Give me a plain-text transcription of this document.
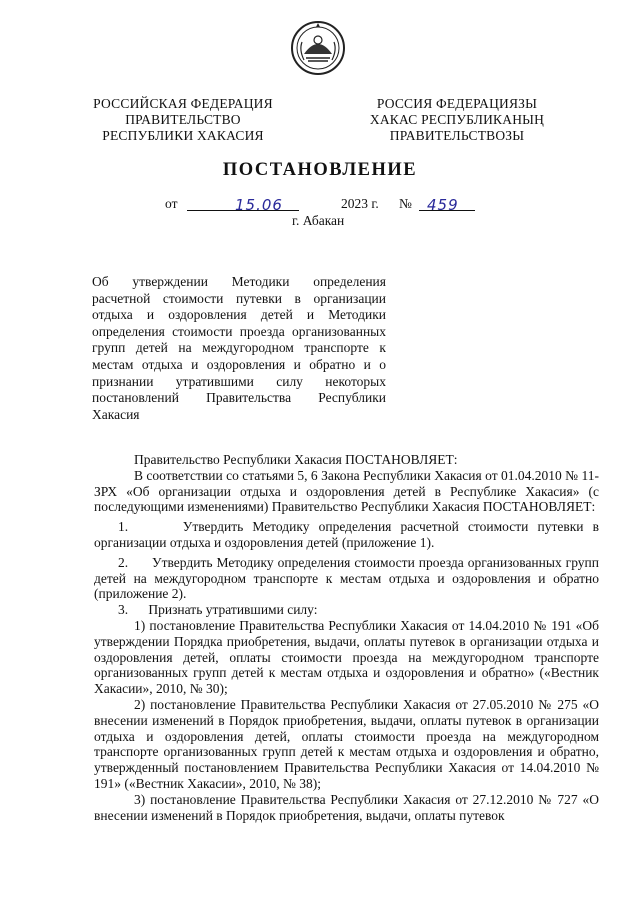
РОССИЙСКАЯ ФЕДЕРАЦИЯ
ПРАВИТЕЛЬСТВО
РЕСПУБЛИКИ ХАКАСИЯ
РОССИЯ ФЕДЕРАЦИЯЗЫ
ХАКАС РЕСПУБЛИКАНЫҢ
ПРАВИТЕЛЬСТВОЗЫ
ПОСТАНОВЛЕНИЕ
от	15.06	2023 г. № 459
г. Абакан
Об утверждении Методики определения расчетной стоимости путевки в организации отдыха и оздоровления детей и Методики определения стоимости проезда организованных групп детей на междугородном транспорте к местам отдыха и оздоровления и обратно и о признании утратившими силу некоторых постановлений Правительства Республики Хакасия

Правительство Республики Хакасия ПОСТАНОВЛЯЕТ:

В соответствии со статьями 5, 6 Закона Республики Хакасия от 01.04.2010 № 11-ЗРХ «Об организации отдыха и оздоровления детей в Республике Хакасия» (с последующими изменениями) Правительство Республики Хакасия ПОСТАНОВЛЯЕТ:

1.      Утвердить Методику определения расчетной стоимости путевки в организации отдыха и оздоровления детей (приложение 1).

2.      Утвердить Методику определения стоимости проезда организованных групп детей на междугородном транспорте к местам отдыха и оздоровления и обратно (приложение 2).

3.      Признать утратившими силу:

1) постановление Правительства Республики Хакасия от 14.04.2010 № 191 «Об утверждении Порядка приобретения, выдачи, оплаты путевок в организации отдыха и оздоровления детей, оплаты стоимости проезда на междугородном транспорте организованных групп детей к местам отдыха и оздоровления и обратно» («Вестник Хакасии», 2010, № 30);

2) постановление Правительства Республики Хакасия от 27.05.2010 № 275 «О внесении изменений в Порядок приобретения, выдачи, оплаты путевок в организации отдыха и оздоровления детей, оплаты стоимости проезда на междугородном транспорте организованных групп детей к местам отдыха и оздоровления и обратно, утвержденный постановлением Правительства Республики Хакасия от 14.04.2010 № 191» («Вестник Хакасии», 2010, № 38);

3) постановление Правительства Республики Хакасия от 27.12.2010 № 727 «О внесении изменений в Порядок приобретения, выдачи, оплаты путевок
